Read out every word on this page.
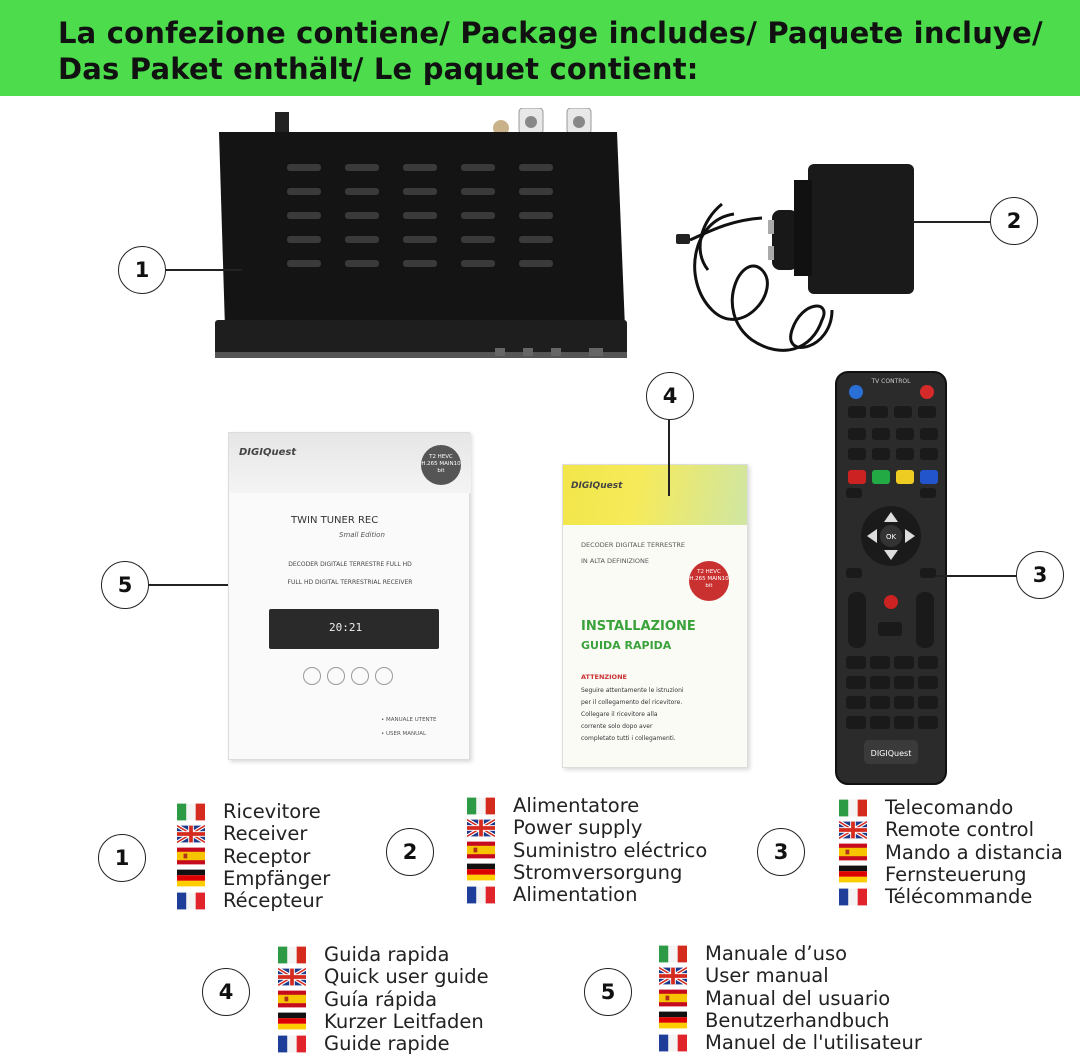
La confezione contiene/ Package includes/ Paquete incluye/
Das Paket enthält/ Le paquet contient:
TV CONTROL
OK
DIGIQuest
DIGIQuest	T2 HEVC H.265 MAIN10 bit
TWIN TUNER REC
Small Edition
DECODER DIGITALE TERRESTRE FULL HD
FULL HD DIGITAL TERRESTRIAL RECEIVER
20:21
• MANUALE UTENTE
• USER MANUAL
DIGIQuest
DECODER DIGITALE TERRESTRE
IN ALTA DEFINIZIONE
T2 HEVC H.265 MAIN10 bit
INSTALLAZIONE
GUIDA RAPIDA
ATTENZIONE
Seguire attentamente le istruzioni
per il collegamento del ricevitore.
Collegare il ricevitore alla
corrente solo dopo aver
completato tutti i collegamenti.
1
2
3
4
5
1
Ricevitore
Receiver
Receptor
Empfänger
Récepteur
2
Alimentatore
Power supply
Suministro eléctrico
Stromversorgung
Alimentation
3
Telecomando
Remote control
Mando a distancia
Fernsteuerung
Télécommande
4
Guida rapida
Quick user guide
Guía rápida
Kurzer Leitfaden
Guide rapide
5
Manuale d’uso
User manual
Manual del usuario
Benutzerhandbuch
Manuel de l'utilisateur
